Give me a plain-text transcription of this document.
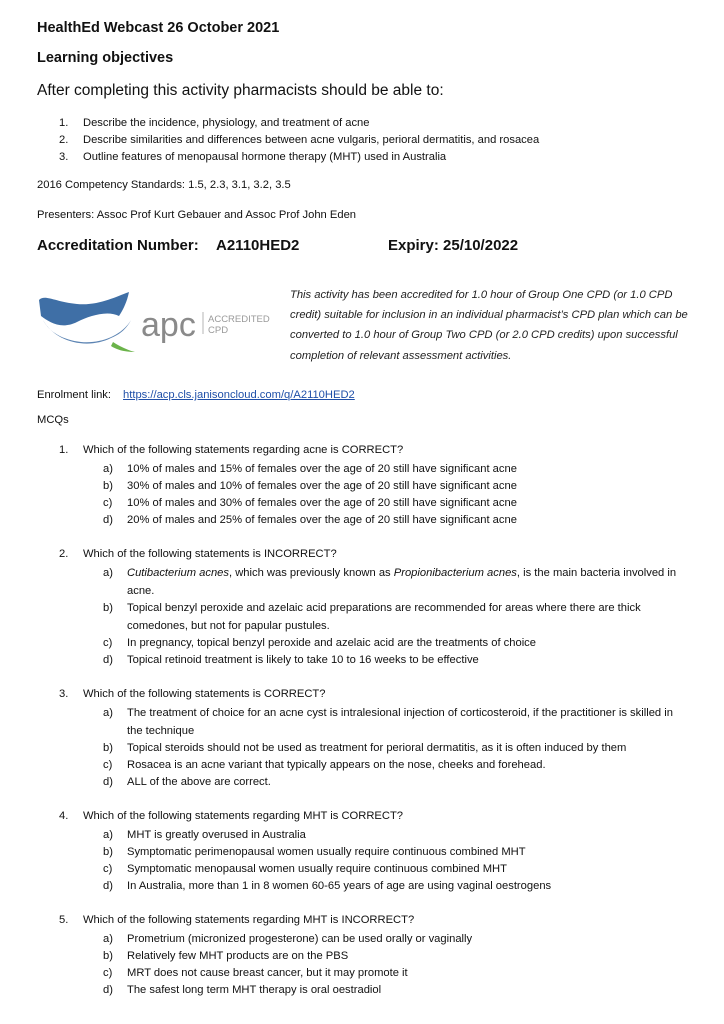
HealthEd Webcast 26 October 2021
Learning objectives
After completing this activity pharmacists should be able to:
1. Describe the incidence, physiology, and treatment of acne
2. Describe similarities and differences between acne vulgaris, perioral dermatitis, and rosacea
3. Outline features of menopausal hormone therapy (MHT) used in Australia
2016 Competency Standards: 1.5, 2.3, 3.1, 3.2, 3.5
Presenters: Assoc Prof Kurt Gebauer and Assoc Prof John Eden
Accreditation Number: A2110HED2	Expiry: 25/10/2022
apc ACCREDITED
CPD
This activity has been accredited for 1.0 hour of Group One CPD (or 1.0 CPD credit) suitable for inclusion in an individual pharmacist’s CPD plan which can be converted to 1.0 hour of Group Two CPD (or 2.0 CPD credits) upon successful completion of relevant assessment activities.
Enrolment link: https://acp.cls.janisoncloud.com/q/A2110HED2
MCQs
1. Which of the following statements regarding acne is CORRECT?
a) 10% of males and 15% of females over the age of 20 still have significant acne
b) 30% of males and 10% of females over the age of 20 still have significant acne
c) 10% of males and 30% of females over the age of 20 still have significant acne
d) 20% of males and 25% of females over the age of 20 still have significant acne
2. Which of the following statements is INCORRECT?
a) Cutibacterium acnes, which was previously known as Propionibacterium acnes, is the main bacteria involved in acne.
b) Topical benzyl peroxide and azelaic acid preparations are recommended for areas where there are thick comedones, but not for papular pustules.
c) In pregnancy, topical benzyl peroxide and azelaic acid are the treatments of choice
d) Topical retinoid treatment is likely to take 10 to 16 weeks to be effective
3. Which of the following statements is CORRECT?
a) The treatment of choice for an acne cyst is intralesional injection of corticosteroid, if the practitioner is skilled in the technique
b) Topical steroids should not be used as treatment for perioral dermatitis, as it is often induced by them
c) Rosacea is an acne variant that typically appears on the nose, cheeks and forehead.
d) ALL of the above are correct.
4. Which of the following statements regarding MHT is CORRECT?
a) MHT is greatly overused in Australia
b) Symptomatic perimenopausal women usually require continuous combined MHT
c) Symptomatic menopausal women usually require continuous combined MHT
d) In Australia, more than 1 in 8 women 60-65 years of age are using vaginal oestrogens
5. Which of the following statements regarding MHT is INCORRECT?
a) Prometrium (micronized progesterone) can be used orally or vaginally
b) Relatively few MHT products are on the PBS
c) MRT does not cause breast cancer, but it may promote it
d) The safest long term MHT therapy is oral oestradiol
